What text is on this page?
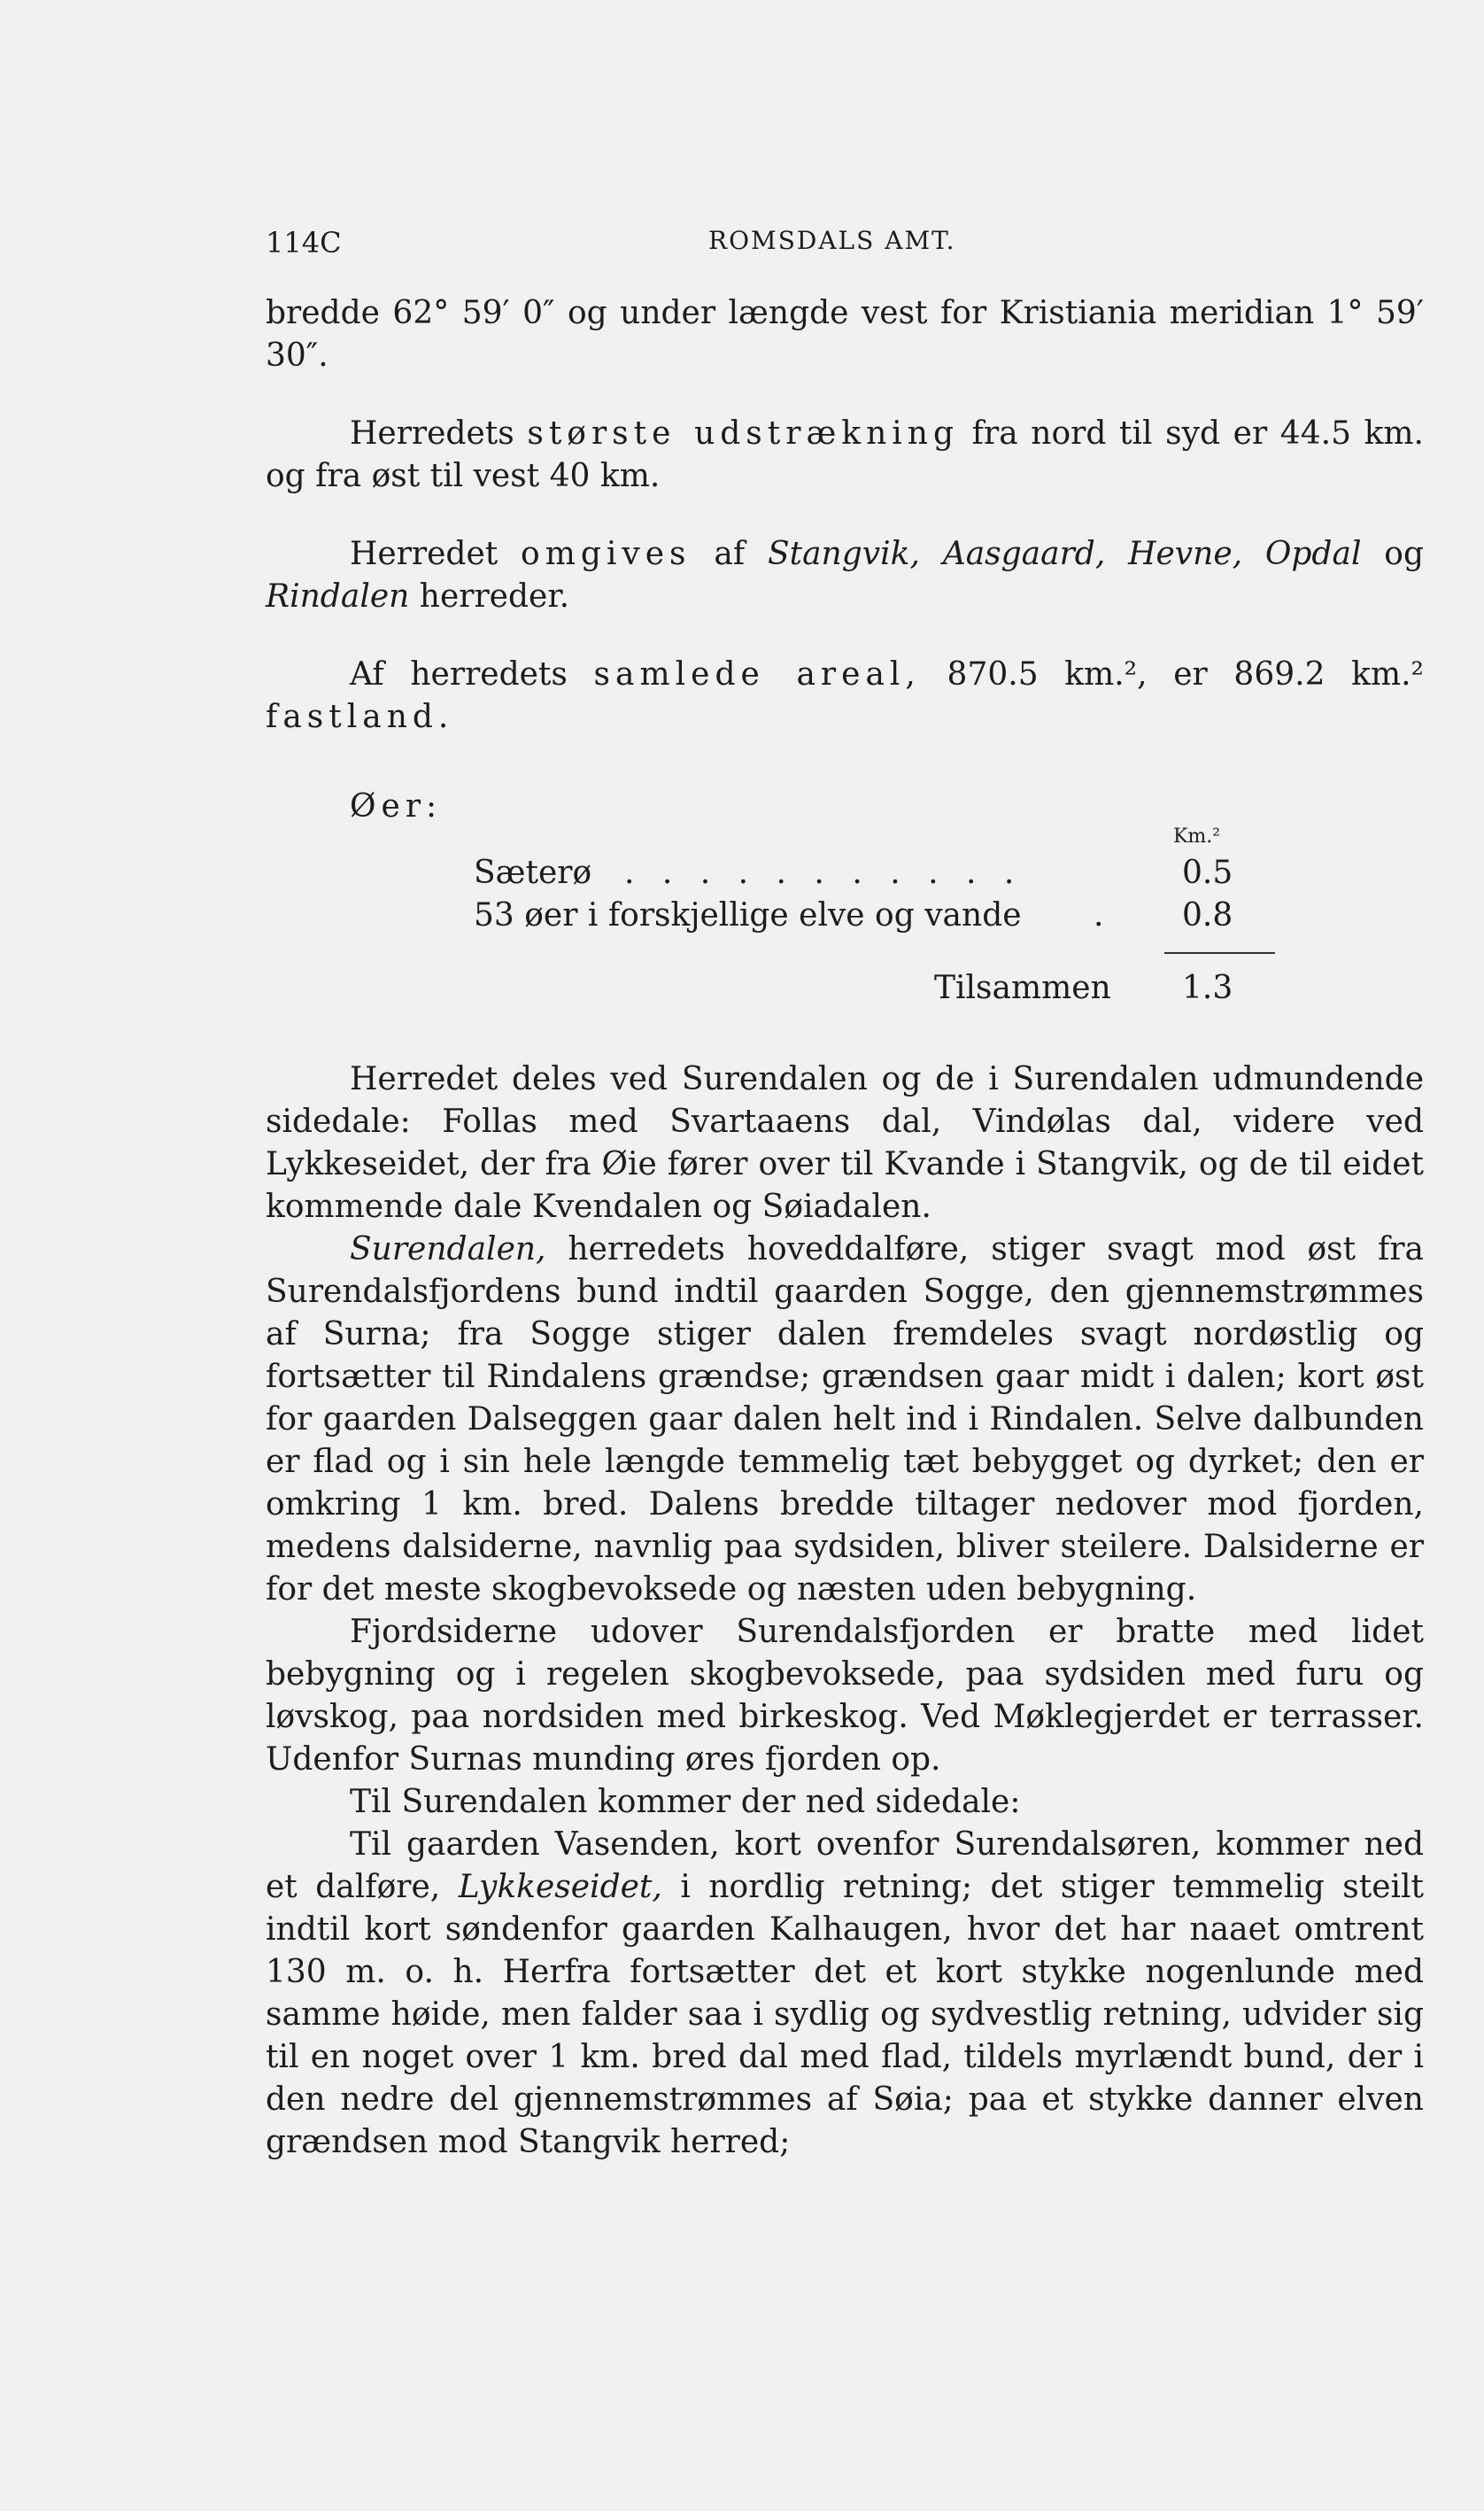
114C	ROMSDALS AMT.

bredde 62° 59′ 0″ og under længde vest for Kristiania meridian 1° 59′ 30″.

Herredets største udstrækning fra nord til syd er 44.5 km. og fra øst til vest 40 km.

Herredet omgives af Stangvik, Aasgaard, Hevne, Opdal og Rindalen herreder.

Af herredets samlede areal, 870.5 km.², er 869.2 km.² fastland.

Øer:
Km.²
Sæterø . . . . . . . . . . .	0.5
53 øer i forskjellige elve og vande . 0.8
Tilsammen 1.3

Herredet deles ved Surendalen og de i Surendalen udmundende sidedale: Follas med Svartaaens dal, Vindølas dal, videre ved Lykkeseidet, der fra Øie fører over til Kvande i Stangvik, og de til eidet kommende dale Kvendalen og Søiadalen.

Surendalen, herredets hoveddalføre, stiger svagt mod øst fra Surendalsfjordens bund indtil gaarden Sogge, den gjennemstrømmes af Surna; fra Sogge stiger dalen fremdeles svagt nordøstlig og fortsætter til Rindalens grændse; grændsen gaar midt i dalen; kort øst for gaarden Dalseggen gaar dalen helt ind i Rindalen. Selve dalbunden er flad og i sin hele længde temmelig tæt bebygget og dyrket; den er omkring 1 km. bred. Dalens bredde tiltager nedover mod fjorden, medens dalsiderne, navnlig paa sydsiden, bliver steilere. Dalsiderne er for det meste skogbevoksede og næsten uden bebygning.

Fjordsiderne udover Surendalsfjorden er bratte med lidet bebygning og i regelen skogbevoksede, paa sydsiden med furu og løvskog, paa nordsiden med birkeskog. Ved Møklegjerdet er terrasser. Udenfor Surnas munding øres fjorden op.

Til Surendalen kommer der ned sidedale:

Til gaarden Vasenden, kort ovenfor Surendalsøren, kommer ned et dalføre, Lykkeseidet, i nordlig retning; det stiger temmelig steilt indtil kort søndenfor gaarden Kalhaugen, hvor det har naaet omtrent 130 m. o. h. Herfra fortsætter det et kort stykke nogenlunde med samme høide, men falder saa i sydlig og sydvestlig retning, udvider sig til en noget over 1 km. bred dal med flad, tildels myrlændt bund, der i den nedre del gjennemstrømmes af Søia; paa et stykke danner elven grændsen mod Stangvik herred;
